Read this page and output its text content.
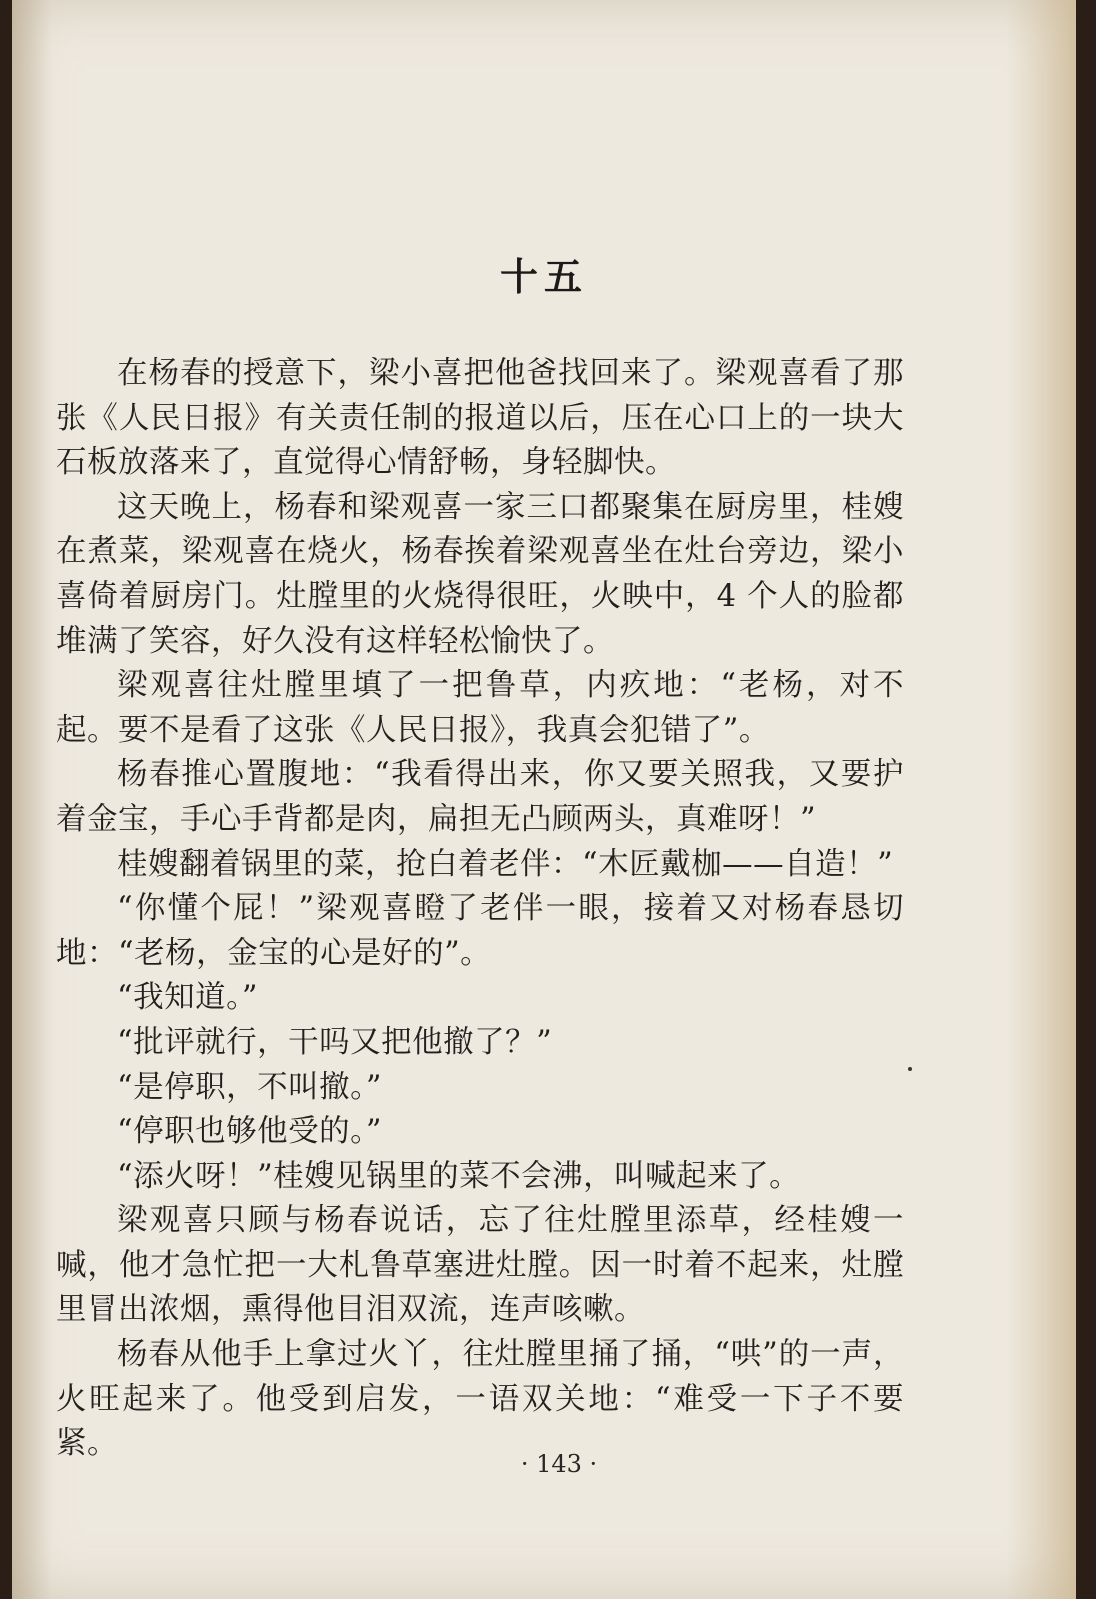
十五

在杨春的授意下，梁小喜把他爸找回来了。梁观喜看了那张《人民日报》有关责任制的报道以后，压在心口上的一块大石板放落来了，直觉得心情舒畅，身轻脚快。

这天晚上，杨春和梁观喜一家三口都聚集在厨房里，桂嫂在煮菜，梁观喜在烧火，杨春挨着梁观喜坐在灶台旁边，梁小喜倚着厨房门。灶膛里的火烧得很旺，火映中，4 个人的脸都堆满了笑容，好久没有这样轻松愉快了。

梁观喜往灶膛里填了一把鲁草，内疚地：“老杨，对不起。要不是看了这张《人民日报》，我真会犯错了”。

杨春推心置腹地：“我看得出来，你又要关照我，又要护着金宝，手心手背都是肉，扁担无凸顾两头，真难呀！”

桂嫂翻着锅里的菜，抢白着老伴：“木匠戴枷——自造！”

“你懂个屁！”梁观喜瞪了老伴一眼，接着又对杨春恳切地：“老杨，金宝的心是好的”。

“我知道。”

“批评就行，干吗又把他撤了？”

“是停职，不叫撤。”

“停职也够他受的。”

“添火呀！”桂嫂见锅里的菜不会沸，叫喊起来了。

梁观喜只顾与杨春说话，忘了往灶膛里添草，经桂嫂一喊，他才急忙把一大札鲁草塞进灶膛。因一时着不起来，灶膛里冒出浓烟，熏得他目泪双流，连声咳嗽。

杨春从他手上拿过火丫，往灶膛里捅了捅，“哄”的一声，火旺起来了。他受到启发，一语双关地：“难受一下子不要紧。

· 143 ·
